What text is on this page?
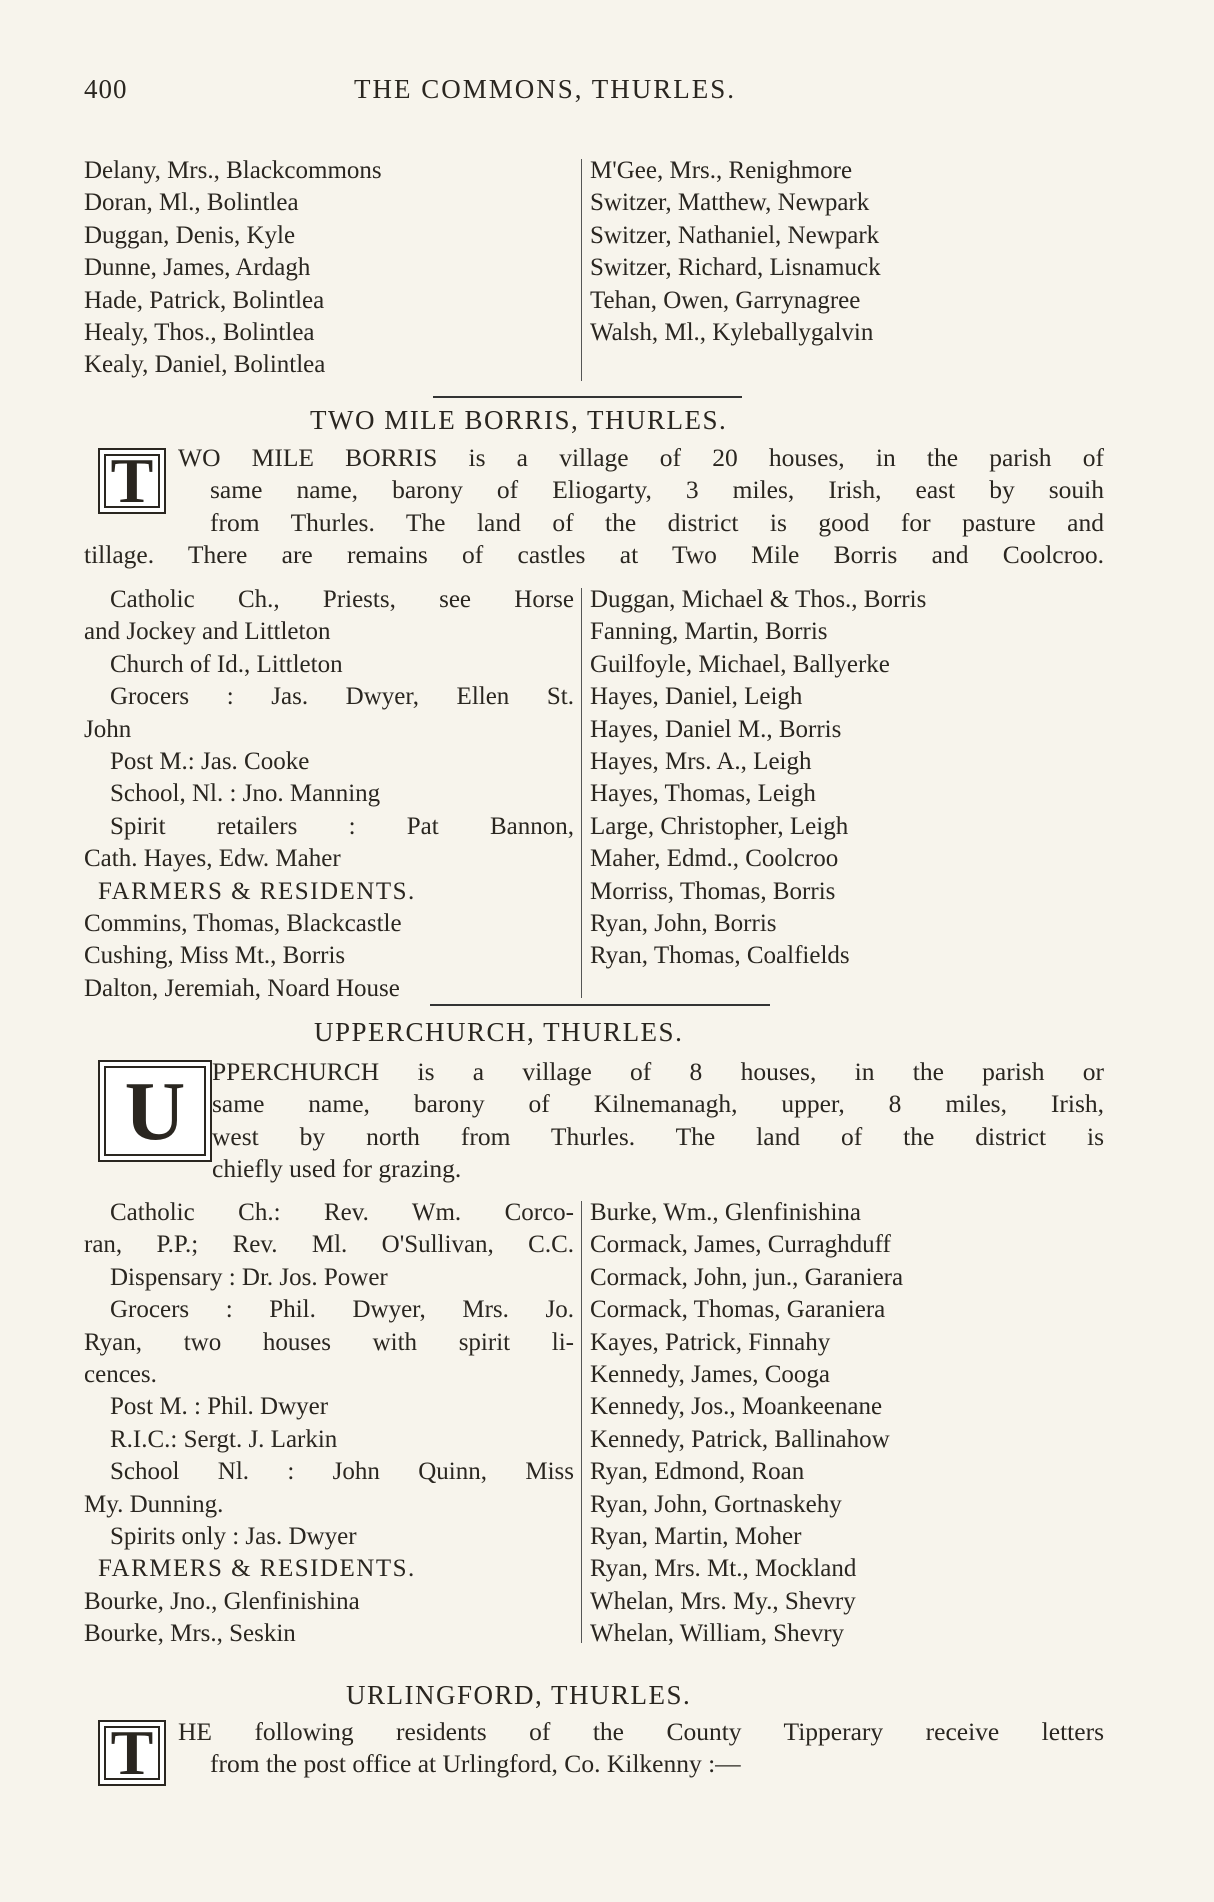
400	THE COMMONS, THURLES.
Delany, Mrs., Blackcommons
Doran, Ml., Bolintlea
Duggan, Denis, Kyle
Dunne, James, Ardagh
Hade, Patrick, Bolintlea
Healy, Thos., Bolintlea
Kealy, Daniel, Bolintlea
M'Gee, Mrs., Renighmore
Switzer, Matthew, Newpark
Switzer, Nathaniel, Newpark
Switzer, Richard, Lisnamuck
Tehan, Owen, Garrynagree
Walsh, Ml., Kyleballygalvin
TWO MILE BORRIS, THURLES.
T WO MILE BORRIS is a village of 20 houses, in the parish of
same name, barony of Eliogarty, 3 miles, Irish, east by souih
from Thurles. The land of the district is good for pasture and
tillage. There are remains of castles at Two Mile Borris and Coolcroo.
Catholic Ch., Priests, see Horse
and Jockey and Littleton
Church of Id., Littleton
Grocers : Jas. Dwyer, Ellen St.
John
Post M.: Jas. Cooke
School, Nl. : Jno. Manning
Spirit retailers : Pat Bannon,
Cath. Hayes, Edw. Maher
FARMERS & RESIDENTS.
Commins, Thomas, Blackcastle
Cushing, Miss Mt., Borris
Dalton, Jeremiah, Noard House
Duggan, Michael & Thos., Borris
Fanning, Martin, Borris
Guilfoyle, Michael, Ballyerke
Hayes, Daniel, Leigh
Hayes, Daniel M., Borris
Hayes, Mrs. A., Leigh
Hayes, Thomas, Leigh
Large, Christopher, Leigh
Maher, Edmd., Coolcroo
Morriss, Thomas, Borris
Ryan, John, Borris
Ryan, Thomas, Coalfields
UPPERCHURCH, THURLES.
U	PPERCHURCH is a village of 8 houses, in the parish or
same name, barony of Kilnemanagh, upper, 8 miles, Irish,
west by north from Thurles. The land of the district is
chiefly used for grazing.
Catholic Ch.: Rev. Wm. Corco-
ran, P.P.; Rev. Ml. O'Sullivan, C.C.
Dispensary : Dr. Jos. Power
Grocers : Phil. Dwyer, Mrs. Jo.
Ryan, two houses with spirit li-
cences.
Post M. : Phil. Dwyer
R.I.C.: Sergt. J. Larkin
School Nl. : John Quinn, Miss
My. Dunning.
Spirits only : Jas. Dwyer
FARMERS & RESIDENTS.
Bourke, Jno., Glenfinishina
Bourke, Mrs., Seskin
Burke, Wm., Glenfinishina
Cormack, James, Curraghduff
Cormack, John, jun., Garaniera
Cormack, Thomas, Garaniera
Kayes, Patrick, Finnahy
Kennedy, James, Cooga
Kennedy, Jos., Moankeenane
Kennedy, Patrick, Ballinahow
Ryan, Edmond, Roan
Ryan, John, Gortnaskehy
Ryan, Martin, Moher
Ryan, Mrs. Mt., Mockland
Whelan, Mrs. My., Shevry
Whelan, William, Shevry
URLINGFORD, THURLES.
T HE following residents of the County Tipperary receive letters
from the post office at Urlingford, Co. Kilkenny :—
